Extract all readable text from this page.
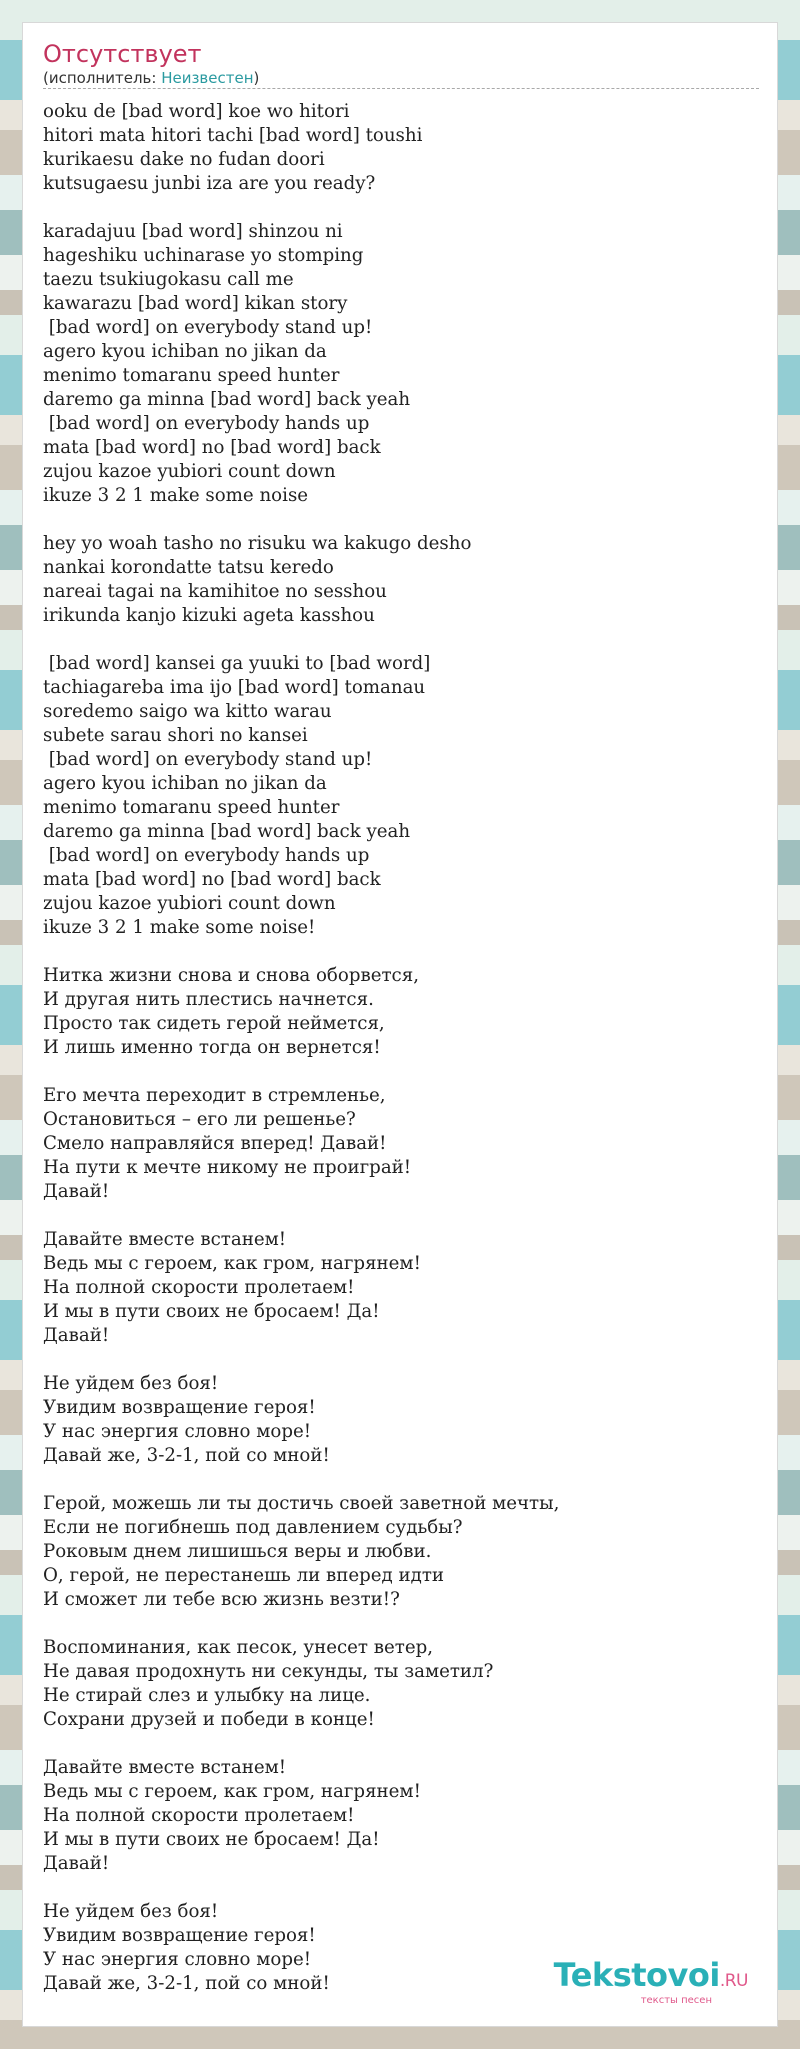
Отсутствует
(исполнитель: Неизвестен)
ooku de [bad word] koe wo hitori
hitori mata hitori tachi [bad word] toushi
kurikaesu dake no fudan doori
kutsugaesu junbi iza are you ready?
karadajuu [bad word] shinzou ni
hageshiku uchinarase yo stomping
taezu tsukiugokasu call me
kawarazu [bad word] kikan story
[bad word] on everybody stand up!
agero kyou ichiban no jikan da
menimo tomaranu speed hunter
daremo ga minna [bad word] back yeah
[bad word] on everybody hands up
mata [bad word] no [bad word] back
zujou kazoe yubiori count down
ikuze 3 2 1 make some noise
hey yo woah tasho no risuku wa kakugo desho
nankai korondatte tatsu keredo
nareai tagai na kamihitoe no sesshou
irikunda kanjo kizuki ageta kasshou
[bad word] kansei ga yuuki to [bad word]
tachiagareba ima ijo [bad word] tomanau
soredemo saigo wa kitto warau
subete sarau shori no kansei
[bad word] on everybody stand up!
agero kyou ichiban no jikan da
menimo tomaranu speed hunter
daremo ga minna [bad word] back yeah
[bad word] on everybody hands up
mata [bad word] no [bad word] back
zujou kazoe yubiori count down
ikuze 3 2 1 make some noise!
Нитка жизни снова и снова оборвется,
И другая нить плестись начнется.
Просто так сидеть герой неймется,
И лишь именно тогда он вернется!
Его мечта переходит в стремленье,
Остановиться – его ли решенье?
Смело направляйся вперед! Давай!
На пути к мечте никому не проиграй!
Давай!
Давайте вместе встанем!
Ведь мы с героем, как гром, нагрянем!
На полной скорости пролетаем!
И мы в пути своих не бросаем! Да!
Давай!
Не уйдем без боя!
Увидим возвращение героя!
У нас энергия словно море!
Давай же, 3-2-1, пой со мной!
Герой, можешь ли ты достичь своей заветной мечты,
Если не погибнешь под давлением судьбы?
Роковым днем лишишься веры и любви.
О, герой, не перестанешь ли вперед идти
И сможет ли тебе всю жизнь везти!?
Воспоминания, как песок, унесет ветер,
Не давая продохнуть ни секунды, ты заметил?
Не стирай слез и улыбку на лице.
Сохрани друзей и победи в конце!
Давайте вместе встанем!
Ведь мы с героем, как гром, нагрянем!
На полной скорости пролетаем!
И мы в пути своих не бросаем! Да!
Давай!
Не уйдем без боя!
Увидим возвращение героя!
У нас энергия словно море!
Давай же, 3-2-1, пой со мной!	Tekstovoi.RU
тексты песен
